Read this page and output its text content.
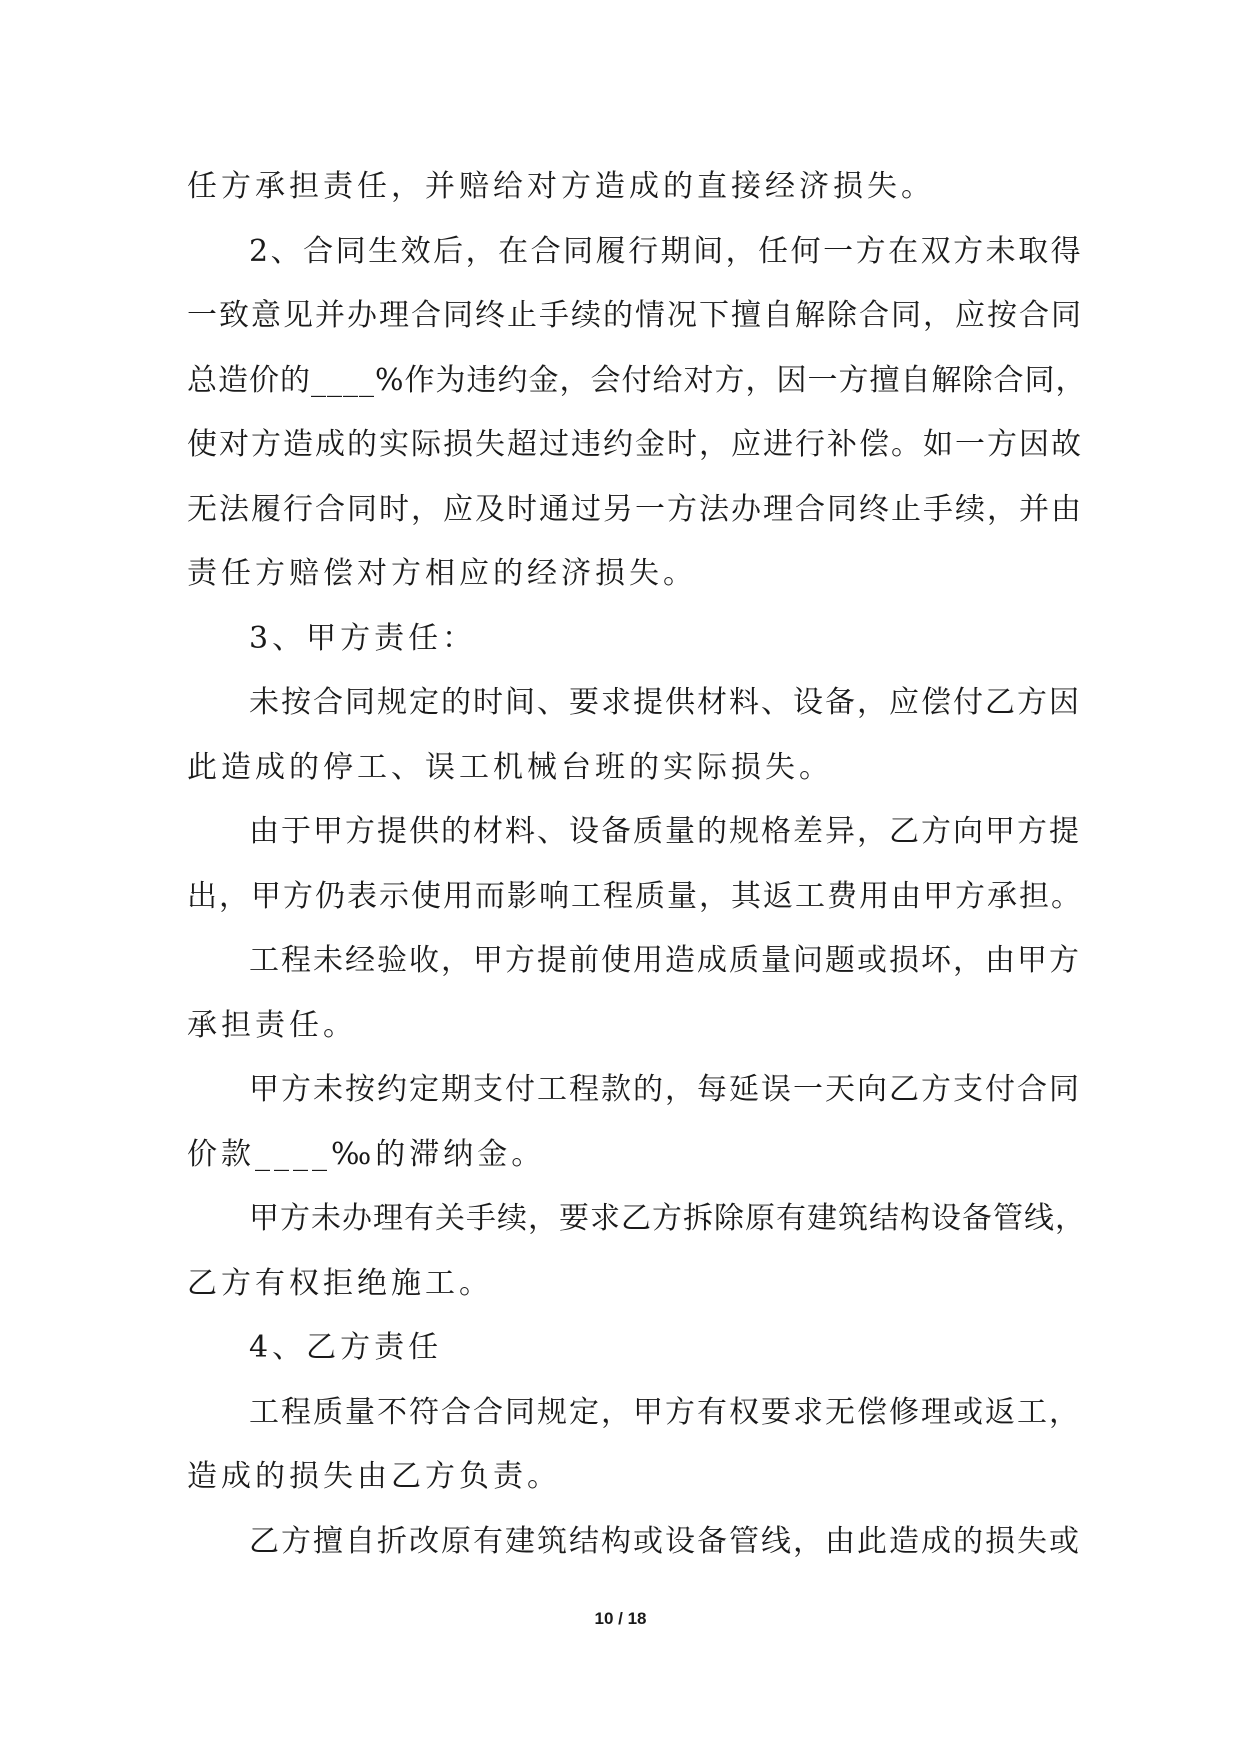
任方承担责任，并赔给对方造成的直接经济损失。
2、合同生效后，在合同履行期间，任何一方在双方未取得
一致意见并办理合同终止手续的情况下擅自解除合同，应按合同
总造价的____%作为违约金，会付给对方，因一方擅自解除合同，
使对方造成的实际损失超过违约金时，应进行补偿。如一方因故
无法履行合同时，应及时通过另一方法办理合同终止手续，并由
责任方赔偿对方相应的经济损失。
3、甲方责任：
未按合同规定的时间、要求提供材料、设备，应偿付乙方因
此造成的停工、误工机械台班的实际损失。
由于甲方提供的材料、设备质量的规格差异，乙方向甲方提
出，甲方仍表示使用而影响工程质量，其返工费用由甲方承担。
工程未经验收，甲方提前使用造成质量问题或损坏，由甲方
承担责任。
甲方未按约定期支付工程款的，每延误一天向乙方支付合同
价款____‰的滞纳金。
甲方未办理有关手续，要求乙方拆除原有建筑结构设备管线，
乙方有权拒绝施工。
4、乙方责任
工程质量不符合合同规定，甲方有权要求无偿修理或返工，
造成的损失由乙方负责。
乙方擅自折改原有建筑结构或设备管线，由此造成的损失或
10 / 18
